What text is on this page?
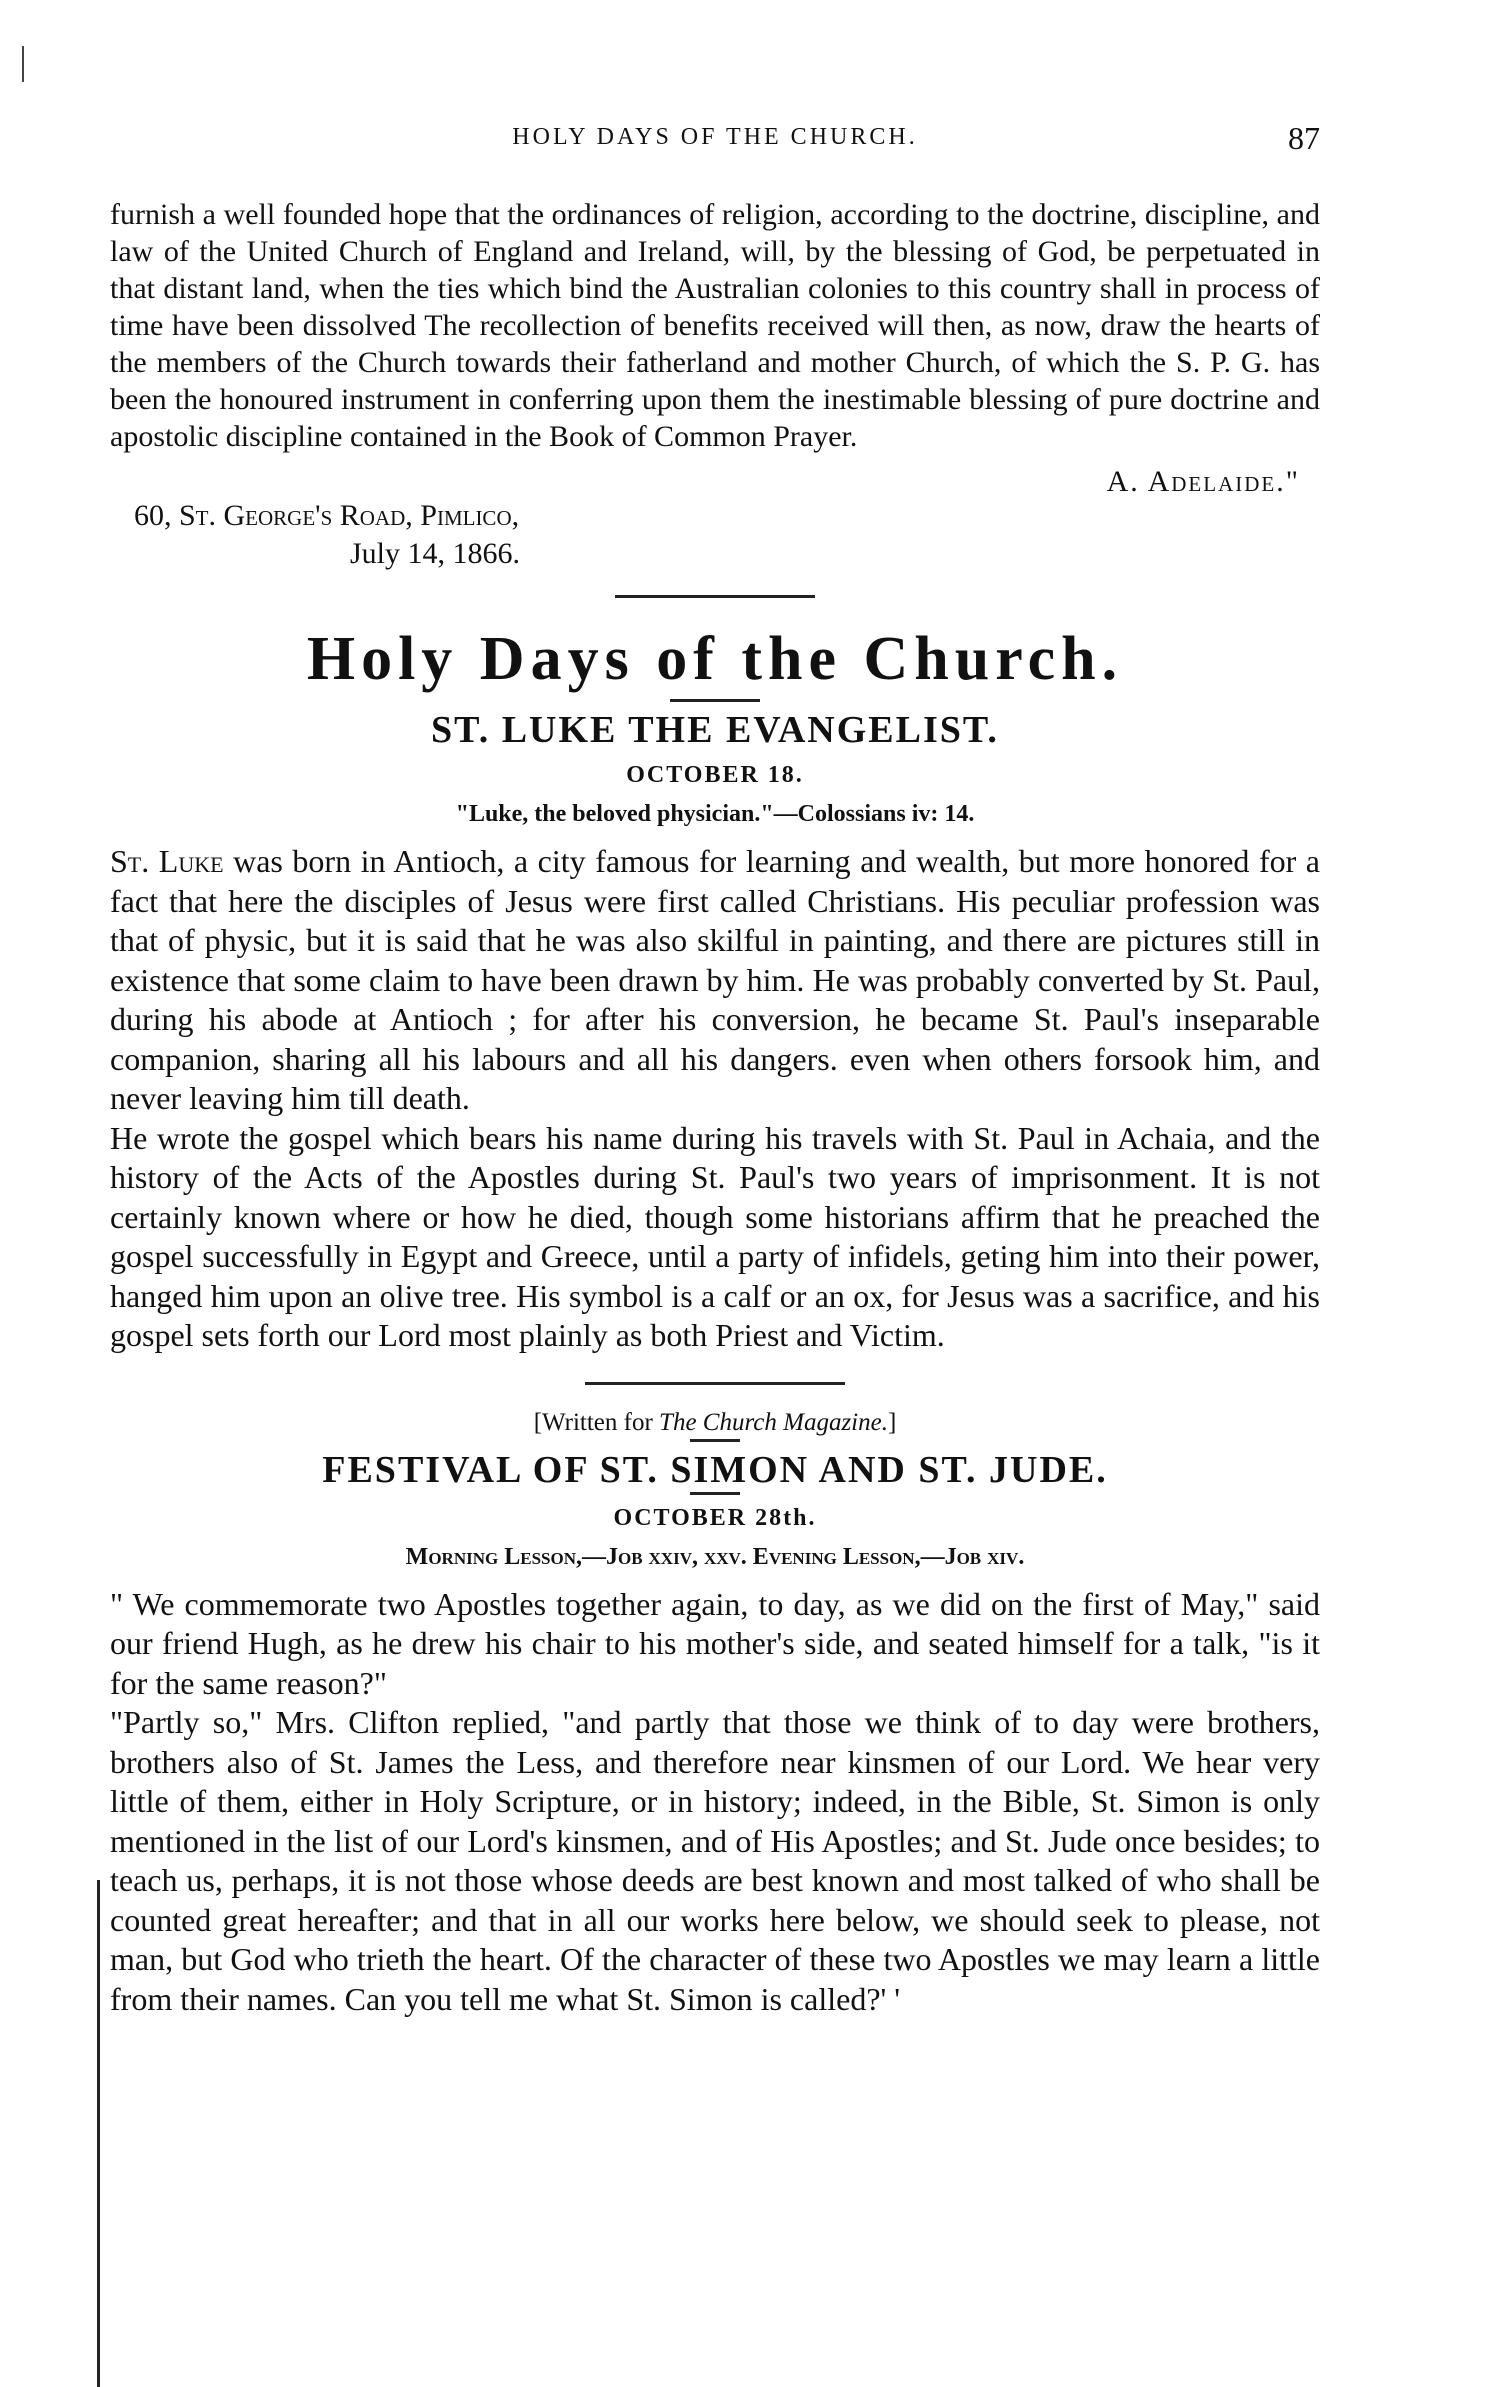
HOLY DAYS OF THE CHURCH.	87

furnish a well founded hope that the ordinances of religion, according to the doctrine, discipline, and law of the United Church of England and Ireland, will, by the blessing of God, be perpetuated in that distant land, when the ties which bind the Australian colonies to this country shall in process of time have been dissolved The recollection of benefits received will then, as now, draw the hearts of the members of the Church towards their fatherland and mother Church, of which the S. P. G. has been the honoured instrument in conferring upon them the inestimable blessing of pure doctrine and apostolic discipline contained in the Book of Common Prayer.

A. Adelaide."
60, St. George's Road, Pimlico,
July 14, 1866.
Holy Days of the Church.
ST. LUKE THE EVANGELIST.
OCTOBER 18.
"Luke, the beloved physician."—Colossians iv: 14.

St. Luke was born in Antioch, a city famous for learning and wealth, but more honored for a fact that here the disciples of Jesus were first called Christians. His peculiar profession was that of physic, but it is said that he was also skilful in painting, and there are pictures still in existence that some claim to have been drawn by him. He was probably converted by St. Paul, during his abode at Antioch ; for after his conversion, he became St. Paul's inseparable companion, sharing all his labours and all his dangers. even when others forsook him, and never leaving him till death.

He wrote the gospel which bears his name during his travels with St. Paul in Achaia, and the history of the Acts of the Apostles during St. Paul's two years of imprisonment. It is not certainly known where or how he died, though some historians affirm that he preached the gospel successfully in Egypt and Greece, until a party of infidels, geting him into their power, hanged him upon an olive tree. His symbol is a calf or an ox, for Jesus was a sacrifice, and his gospel sets forth our Lord most plainly as both Priest and Victim.

[Written for The Church Magazine.]
FESTIVAL OF ST. SIMON AND ST. JUDE.
OCTOBER 28th.
Morning Lesson,—Job xxiv, xxv. Evening Lesson,—Job xiv.

" We commemorate two Apostles together again, to day, as we did on the first of May," said our friend Hugh, as he drew his chair to his mother's side, and seated himself for a talk, "is it for the same reason?"

"Partly so," Mrs. Clifton replied, "and partly that those we think of to day were brothers, brothers also of St. James the Less, and therefore near kinsmen of our Lord. We hear very little of them, either in Holy Scripture, or in history; indeed, in the Bible, St. Simon is only mentioned in the list of our Lord's kinsmen, and of His Apostles; and St. Jude once besides; to teach us, perhaps, it is not those whose deeds are best known and most talked of who shall be counted great hereafter; and that in all our works here below, we should seek to please, not man, but God who trieth the heart. Of the character of these two Apostles we may learn a little from their names. Can you tell me what St. Simon is called?' '
